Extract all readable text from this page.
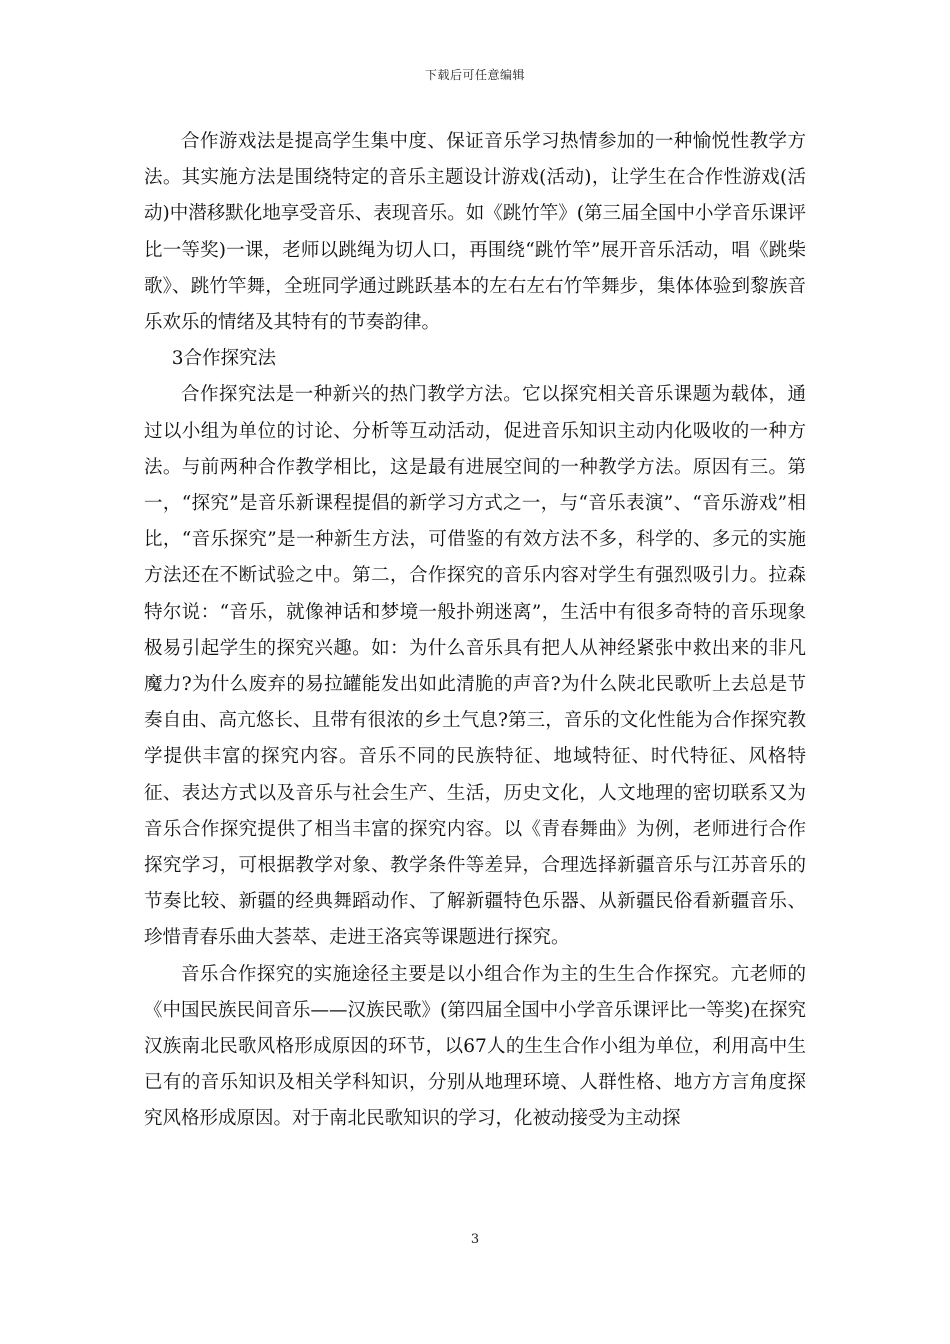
下载后可任意编辑

合作游戏法是提高学生集中度、保证音乐学习热情参加的一种愉悦性教学方法。其实施方法是围绕特定的音乐主题设计游戏(活动)，让学生在合作性游戏(活动)中潜移默化地享受音乐、表现音乐。如《跳竹竿》(第三届全国中小学音乐课评比一等奖)一课，老师以跳绳为切人口，再围绕“跳竹竿”展开音乐活动，唱《跳柴歌》、跳竹竿舞，全班同学通过跳跃基本的左右左右竹竿舞步，集体体验到黎族音乐欢乐的情绪及其特有的节奏韵律。

3合作探究法

合作探究法是一种新兴的热门教学方法。它以探究相关音乐课题为载体，通过以小组为单位的讨论、分析等互动活动，促进音乐知识主动内化吸收的一种方法。与前两种合作教学相比，这是最有进展空间的一种教学方法。原因有三。第一，“探究”是音乐新课程提倡的新学习方式之一，与“音乐表演”、“音乐游戏”相比，“音乐探究”是一种新生方法，可借鉴的有效方法不多，科学的、多元的实施方法还在不断试验之中。第二，合作探究的音乐内容对学生有强烈吸引力。拉森特尔说：“音乐，就像神话和梦境一般扑朔迷离”，生活中有很多奇特的音乐现象极易引起学生的探究兴趣。如：为什么音乐具有把人从神经紧张中救出来的非凡魔力?为什么废弃的易拉罐能发出如此清脆的声音?为什么陕北民歌听上去总是节奏自由、高亢悠长、且带有很浓的乡土气息?第三，音乐的文化性能为合作探究教学提供丰富的探究内容。音乐不同的民族特征、地域特征、时代特征、风格特征、表达方式以及音乐与社会生产、生活，历史文化，人文地理的密切联系又为音乐合作探究提供了相当丰富的探究内容。以《青春舞曲》为例，老师进行合作探究学习，可根据教学对象、教学条件等差异，合理选择新疆音乐与江苏音乐的节奏比较、新疆的经典舞蹈动作、了解新疆特色乐器、从新疆民俗看新疆音乐、珍惜青春乐曲大荟萃、走进王洛宾等课题进行探究。

音乐合作探究的实施途径主要是以小组合作为主的生生合作探究。亢老师的《中国民族民间音乐——汉族民歌》(第四届全国中小学音乐课评比一等奖)在探究汉族南北民歌风格形成原因的环节，以67人的生生合作小组为单位，利用高中生已有的音乐知识及相关学科知识，分别从地理环境、人群性格、地方方言角度探究风格形成原因。对于南北民歌知识的学习，化被动接受为主动探

3
